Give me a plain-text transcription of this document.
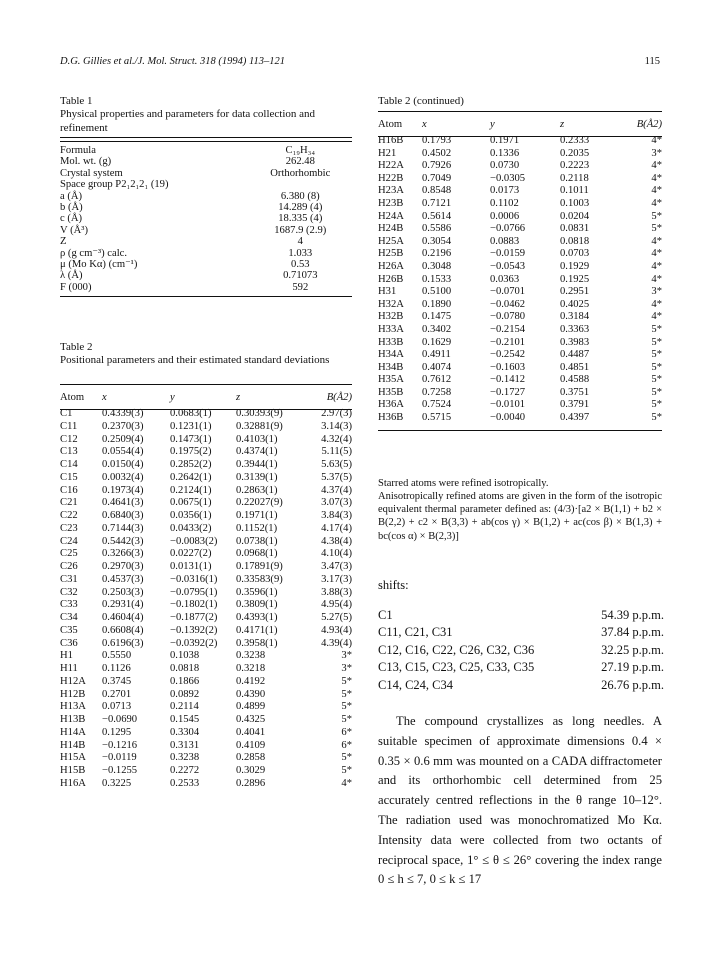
D.G. Gillies et al./J. Mol. Struct. 318 (1994) 113–121	115
Table 1
Physical properties and parameters for data collection and refinement
Formula	C₁₉H₃₄
Mol. wt. (g)	262.48
Crystal system	Orthorhombic
Space group P2₁2₁2₁ (19)	
a (Å)	6.380 (8)
b (Å)	14.289 (4)
c (Å)	18.335 (4)
V (Å³)	1687.9 (2.9)
Z	4
ρ (g cm⁻³) calc.	1.033
μ (Mo Kα) (cm⁻¹)	0.53
λ (Å)	0.71073
F (000)	592
Table 2
Positional parameters and their estimated standard deviations
Atom	x	y	z	B(Å2)
C1	0.4339(3)	0.0683(1)	0.30393(9)	2.97(3)
C11	0.2370(3)	0.1231(1)	0.32881(9)	3.14(3)
C12	0.2509(4)	0.1473(1)	0.4103(1)	4.32(4)
C13	0.0554(4)	0.1975(2)	0.4374(1)	5.11(5)
C14	0.0150(4)	0.2852(2)	0.3944(1)	5.63(5)
C15	0.0032(4)	0.2642(1)	0.3139(1)	5.37(5)
C16	0.1973(4)	0.2124(1)	0.2863(1)	4.37(4)
C21	0.4641(3)	0.0675(1)	0.22027(9)	3.07(3)
C22	0.6840(3)	0.0356(1)	0.1971(1)	3.84(3)
C23	0.7144(3)	0.0433(2)	0.1152(1)	4.17(4)
C24	0.5442(3)	−0.0083(2)	0.0738(1)	4.38(4)
C25	0.3266(3)	0.0227(2)	0.0968(1)	4.10(4)
C26	0.2970(3)	0.0131(1)	0.17891(9)	3.47(3)
C31	0.4537(3)	−0.0316(1)	0.33583(9)	3.17(3)
C32	0.2503(3)	−0.0795(1)	0.3596(1)	3.88(3)
C33	0.2931(4)	−0.1802(1)	0.3809(1)	4.95(4)
C34	0.4604(4)	−0.1877(2)	0.4393(1)	5.27(5)
C35	0.6608(4)	−0.1392(2)	0.4171(1)	4.93(4)
C36	0.6196(3)	−0.0392(2)	0.3958(1)	4.39(4)
H1	0.5550	0.1038	0.3238	3*
H11	0.1126	0.0818	0.3218	3*
H12A	0.3745	0.1866	0.4192	5*
H12B	0.2701	0.0892	0.4390	5*
H13A	0.0713	0.2114	0.4899	5*
H13B	−0.0690	0.1545	0.4325	5*
H14A	0.1295	0.3304	0.4041	6*
H14B	−0.1216	0.3131	0.4109	6*
H15A	−0.0119	0.3238	0.2858	5*
H15B	−0.1255	0.2272	0.3029	5*
H16A	0.3225	0.2533	0.2896	4*
Table 2 (continued)
Atom	x	y	z	B(Å2)
H16B	0.1793	0.1971	0.2333	4*
H21	0.4502	0.1336	0.2035	3*
H22A	0.7926	0.0730	0.2223	4*
H22B	0.7049	−0.0305	0.2118	4*
H23A	0.8548	0.0173	0.1011	4*
H23B	0.7121	0.1102	0.1003	4*
H24A	0.5614	0.0006	0.0204	5*
H24B	0.5586	−0.0766	0.0831	5*
H25A	0.3054	0.0883	0.0818	4*
H25B	0.2196	−0.0159	0.0703	4*
H26A	0.3048	−0.0543	0.1929	4*
H26B	0.1533	0.0363	0.1925	4*
H31	0.5100	−0.0701	0.2951	3*
H32A	0.1890	−0.0462	0.4025	4*
H32B	0.1475	−0.0780	0.3184	4*
H33A	0.3402	−0.2154	0.3363	5*
H33B	0.1629	−0.2101	0.3983	5*
H34A	0.4911	−0.2542	0.4487	5*
H34B	0.4074	−0.1603	0.4851	5*
H35A	0.7612	−0.1412	0.4588	5*
H35B	0.7258	−0.1727	0.3751	5*
H36A	0.7524	−0.0101	0.3791	5*
H36B	0.5715	−0.0040	0.4397	5*
Starred atoms were refined isotropically.
Anisotropically refined atoms are given in the form of the isotropic equivalent thermal parameter defined as: (4/3)·[a2 × B(1,1) + b2 × B(2,2) + c2 × B(3,3) + ab(cos γ) × B(1,2) + ac(cos β) × B(1,3) + bc(cos α) × B(2,3)]
shifts:
C1	54.39 p.p.m.
C11, C21, C31	37.84 p.p.m.
C12, C16, C22, C26, C32, C36	32.25 p.p.m.
C13, C15, C23, C25, C33, C35	27.19 p.p.m.
C14, C24, C34	26.76 p.p.m.
The compound crystallizes as long needles. A suitable specimen of approximate dimensions 0.4 × 0.35 × 0.6 mm was mounted on a CADA diffractometer and its orthorhombic cell determined from 25 accurately centred reflections in the θ range 10–12°. The radiation used was monochromatized Mo Kα. Intensity data were collected from two octants of reciprocal space, 1° ≤ θ ≤ 26° covering the index range 0 ≤ h ≤ 7, 0 ≤ k ≤ 17
